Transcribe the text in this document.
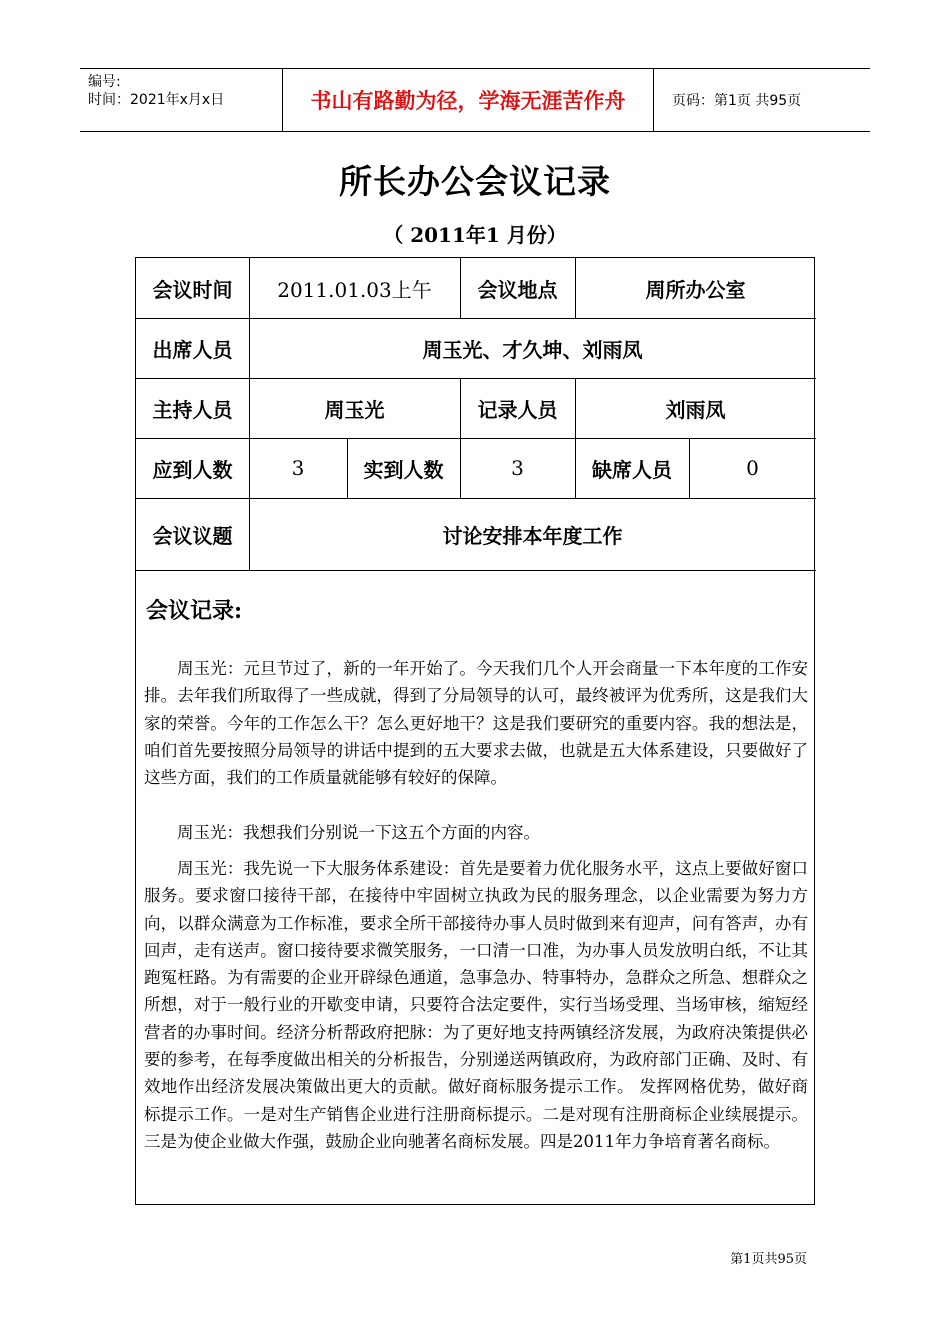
编号:
时间：2021年x月x日	书山有路勤为径，学海无涯苦作舟	页码：第1页 共95页
所长办公会议记录
（ 2011年1 月份）
会议时间	2011.01.03上午	会议地点	周所办公室
出席人员	周玉光、才久坤、刘雨凤
主持人员	周玉光	记录人员	刘雨凤
应到人数	3	实到人数	3	缺席人员	0
会议议题	讨论安排本年度工作
会议记录:

周玉光：元旦节过了，新的一年开始了。今天我们几个人开会商量一下本年度的工作安排。去年我们所取得了一些成就，得到了分局领导的认可，最终被评为优秀所，这是我们大家的荣誉。今年的工作怎么干？怎么更好地干？这是我们要研究的重要内容。我的想法是，咱们首先要按照分局领导的讲话中提到的五大要求去做，也就是五大体系建设，只要做好了这些方面，我们的工作质量就能够有较好的保障。

周玉光：我想我们分别说一下这五个方面的内容。

周玉光：我先说一下大服务体系建设：首先是要着力优化服务水平，这点上要做好窗口服务。要求窗口接待干部，在接待中牢固树立执政为民的服务理念，以企业需要为努力方向，以群众满意为工作标准，要求全所干部接待办事人员时做到来有迎声，问有答声，办有回声，走有送声。窗口接待要求微笑服务，一口清一口准，为办事人员发放明白纸，不让其跑冤枉路。为有需要的企业开辟绿色通道，急事急办、特事特办，急群众之所急、想群众之所想，对于一般行业的开歇变申请，只要符合法定要件，实行当场受理、当场审核，缩短经营者的办事时间。经济分析帮政府把脉：为了更好地支持两镇经济发展，为政府决策提供必要的参考，在每季度做出相关的分析报告，分别递送两镇政府，为政府部门正确、及时、有效地作出经济发展决策做出更大的贡献。做好商标服务提示工作。 发挥网格优势，做好商标提示工作。一是对生产销售企业进行注册商标提示。二是对现有注册商标企业续展提示。三是为使企业做大作强，鼓励企业向驰著名商标发展。四是2011年力争培育著名商标。

第1页共95页
